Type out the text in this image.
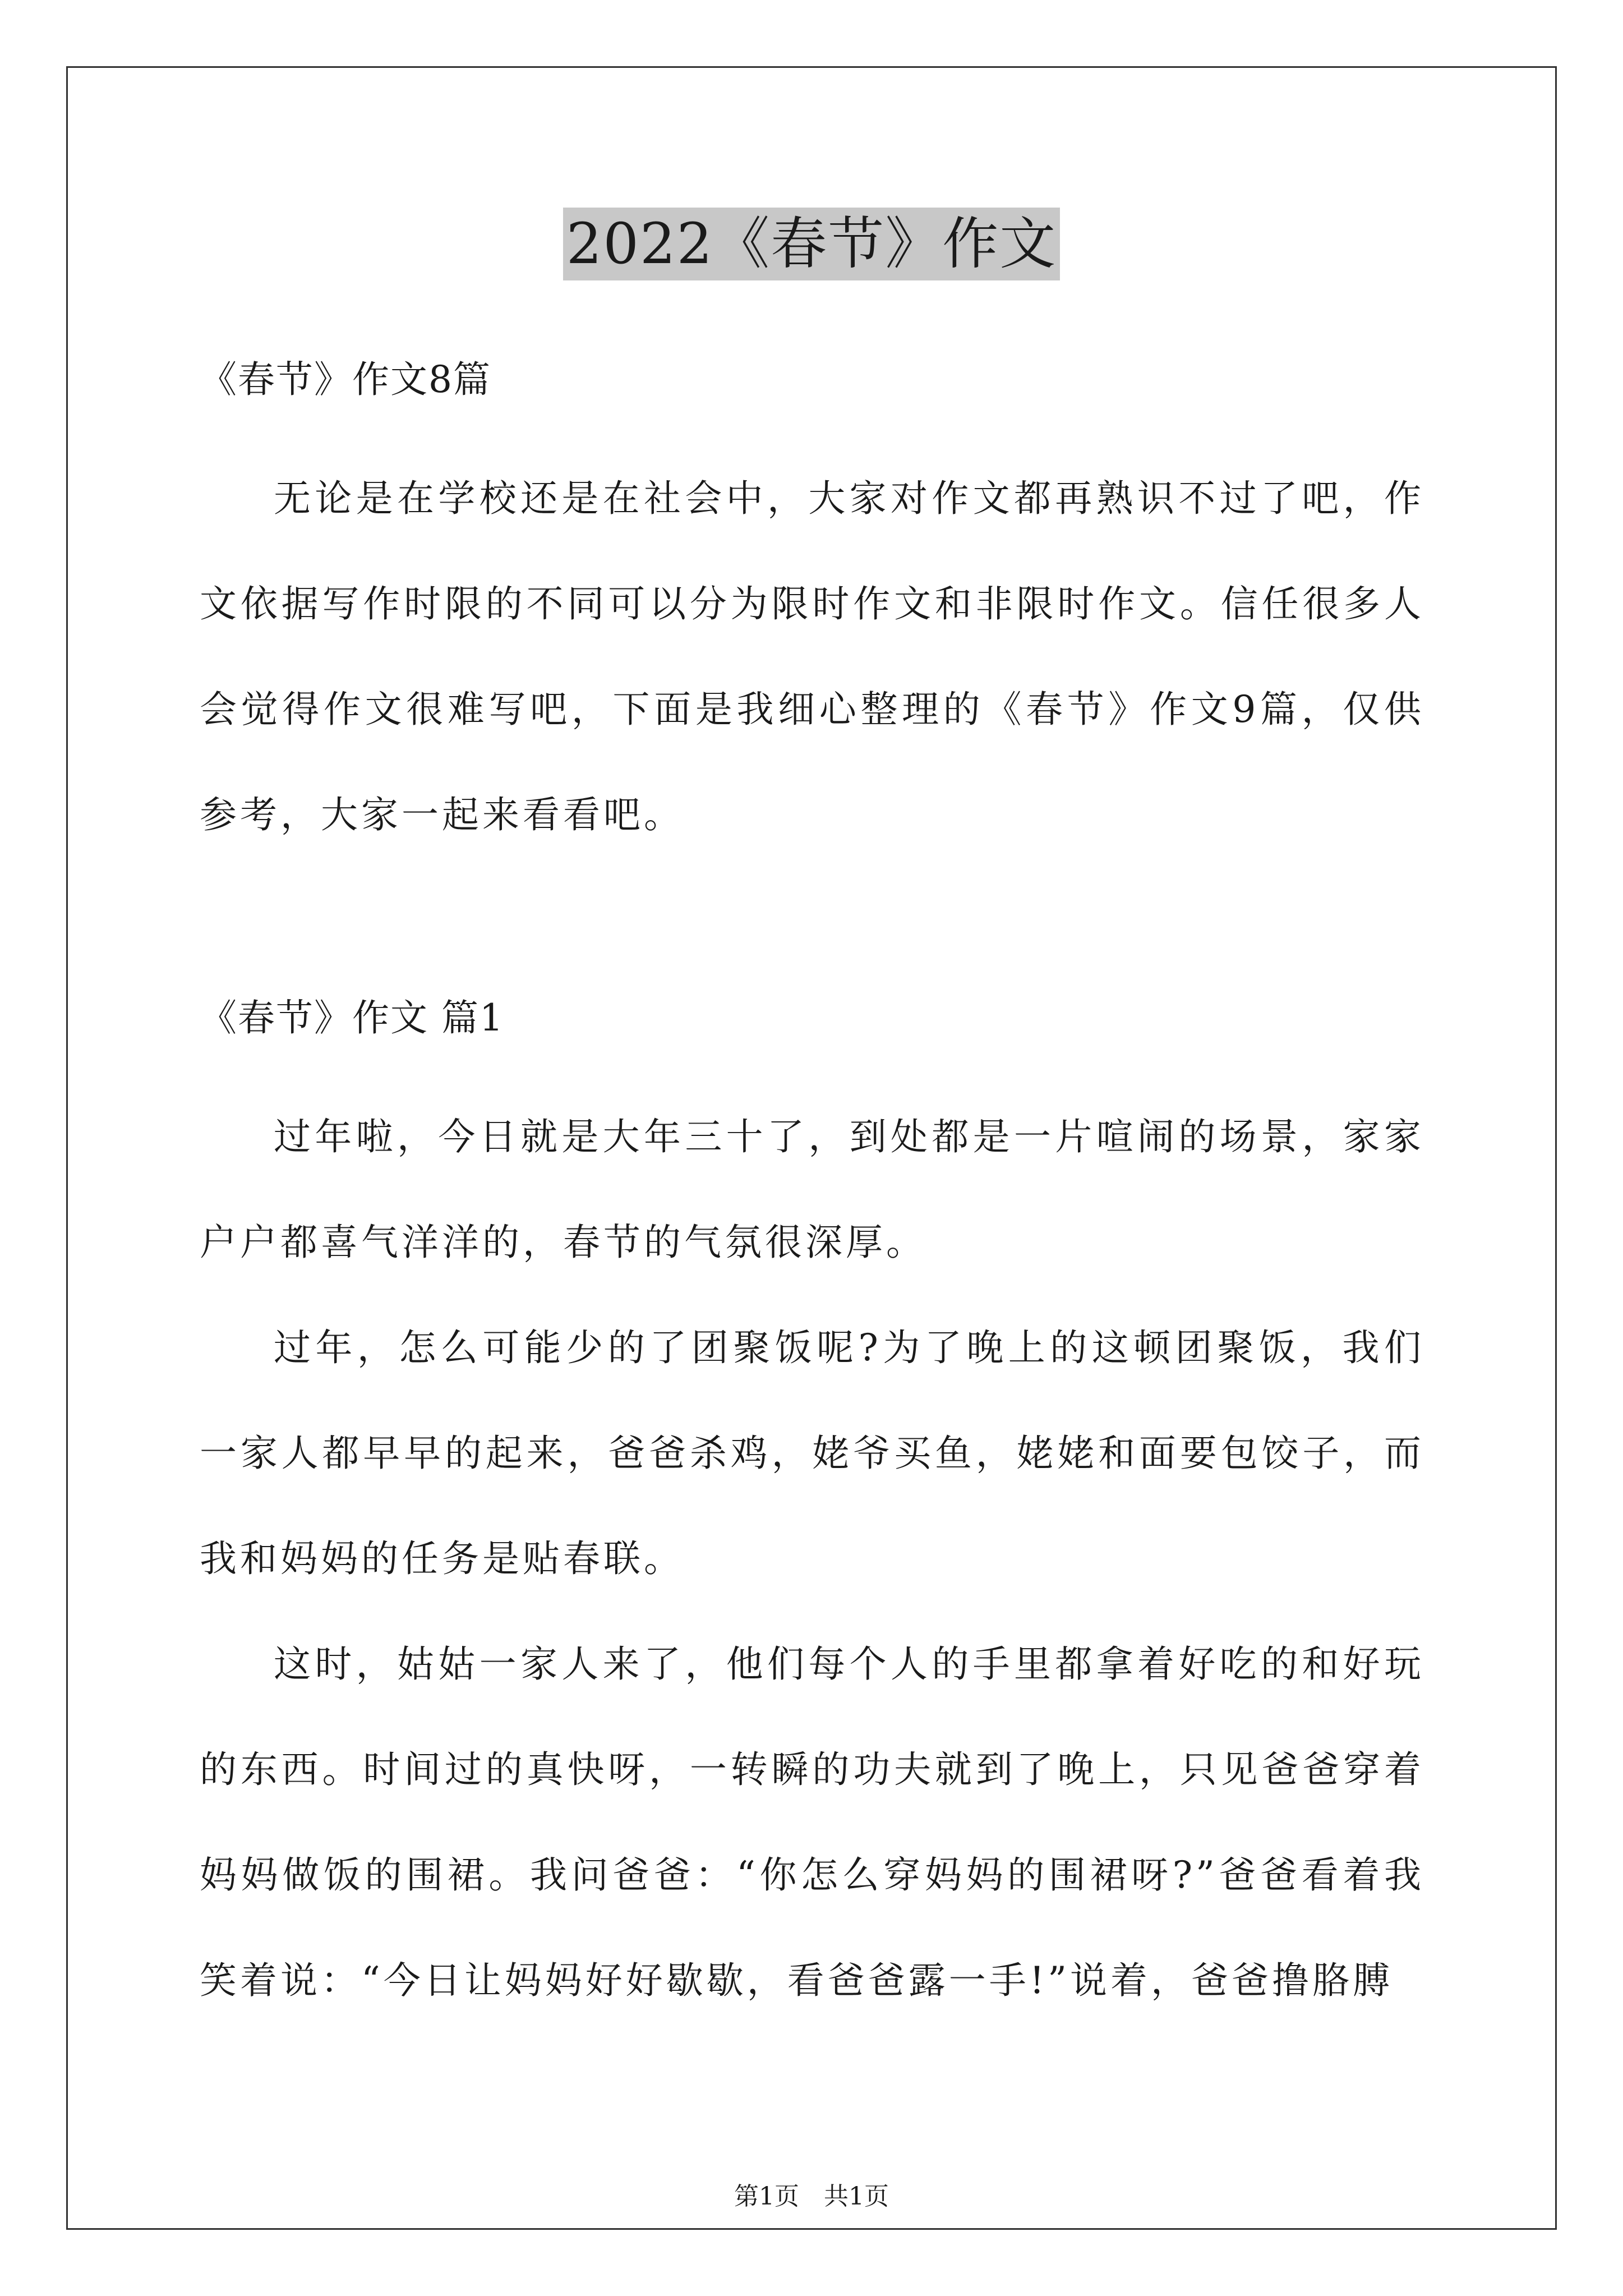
2022《春节》作文
《春节》作文8篇

无论是在学校还是在社会中，大家对作文都再熟识不过了吧，作文依据写作时限的不同可以分为限时作文和非限时作文。信任很多人会觉得作文很难写吧，下面是我细心整理的《春节》作文9篇，仅供参考，大家一起来看看吧。

《春节》作文 篇1

过年啦，今日就是大年三十了，到处都是一片喧闹的场景，家家户户都喜气洋洋的，春节的气氛很深厚。

过年，怎么可能少的了团聚饭呢?为了晚上的这顿团聚饭，我们一家人都早早的起来，爸爸杀鸡，姥爷买鱼，姥姥和面要包饺子，而我和妈妈的任务是贴春联。

这时，姑姑一家人来了，他们每个人的手里都拿着好吃的和好玩的东西。时间过的真快呀，一转瞬的功夫就到了晚上，只见爸爸穿着妈妈做饭的围裙。我问爸爸：“你怎么穿妈妈的围裙呀?”爸爸看着我笑着说：“今日让妈妈好好歇歇，看爸爸露一手!”说着，爸爸撸胳膊

第1页　共1页
